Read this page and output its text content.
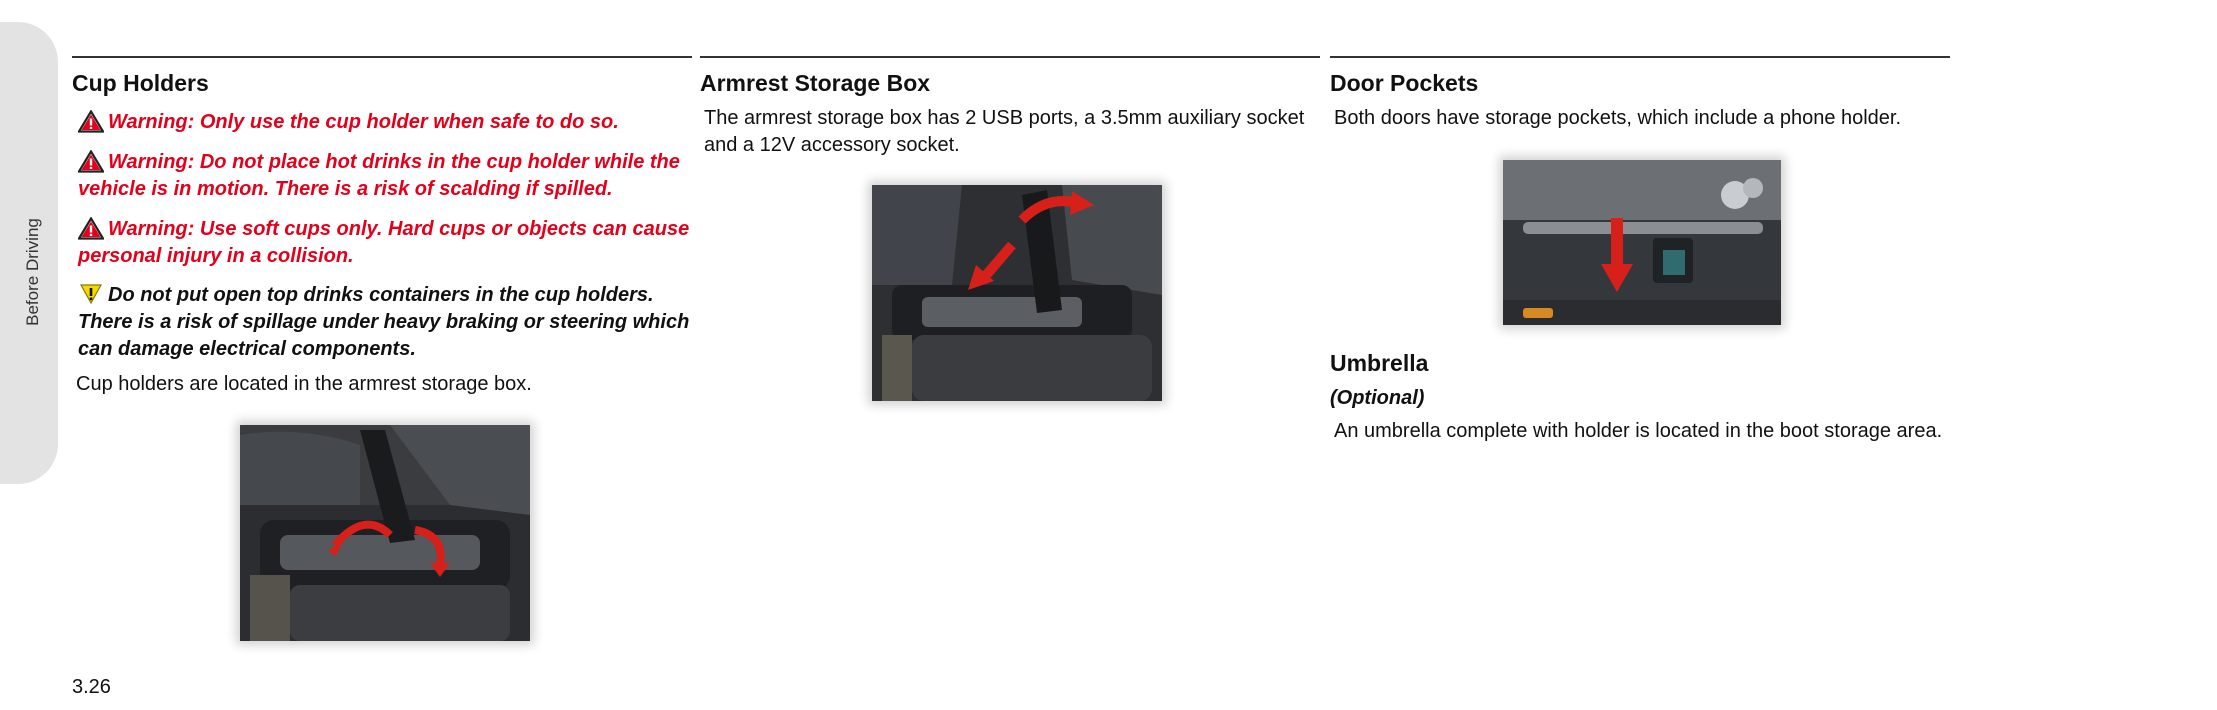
Before Driving
Cup Holders
Warning: Only use the cup holder when safe to do so.
Warning: Do not place hot drinks in the cup holder while the vehicle is in motion. There is a risk of scalding if spilled.
Warning: Use soft cups only. Hard cups or objects can cause personal injury in a collision.
Do not put open top drinks containers in the cup holders. There is a risk of spillage under heavy braking or steering which can damage electrical components.

Cup holders are located in the armrest storage box.

Armrest Storage Box

The armrest storage box has 2 USB ports, a 3.5mm auxiliary socket and a 12V accessory socket.

Door Pockets

Both doors have storage pockets, which include a phone holder.

Umbrella

(Optional)

An umbrella complete with holder is located in the boot storage area.

3.26
